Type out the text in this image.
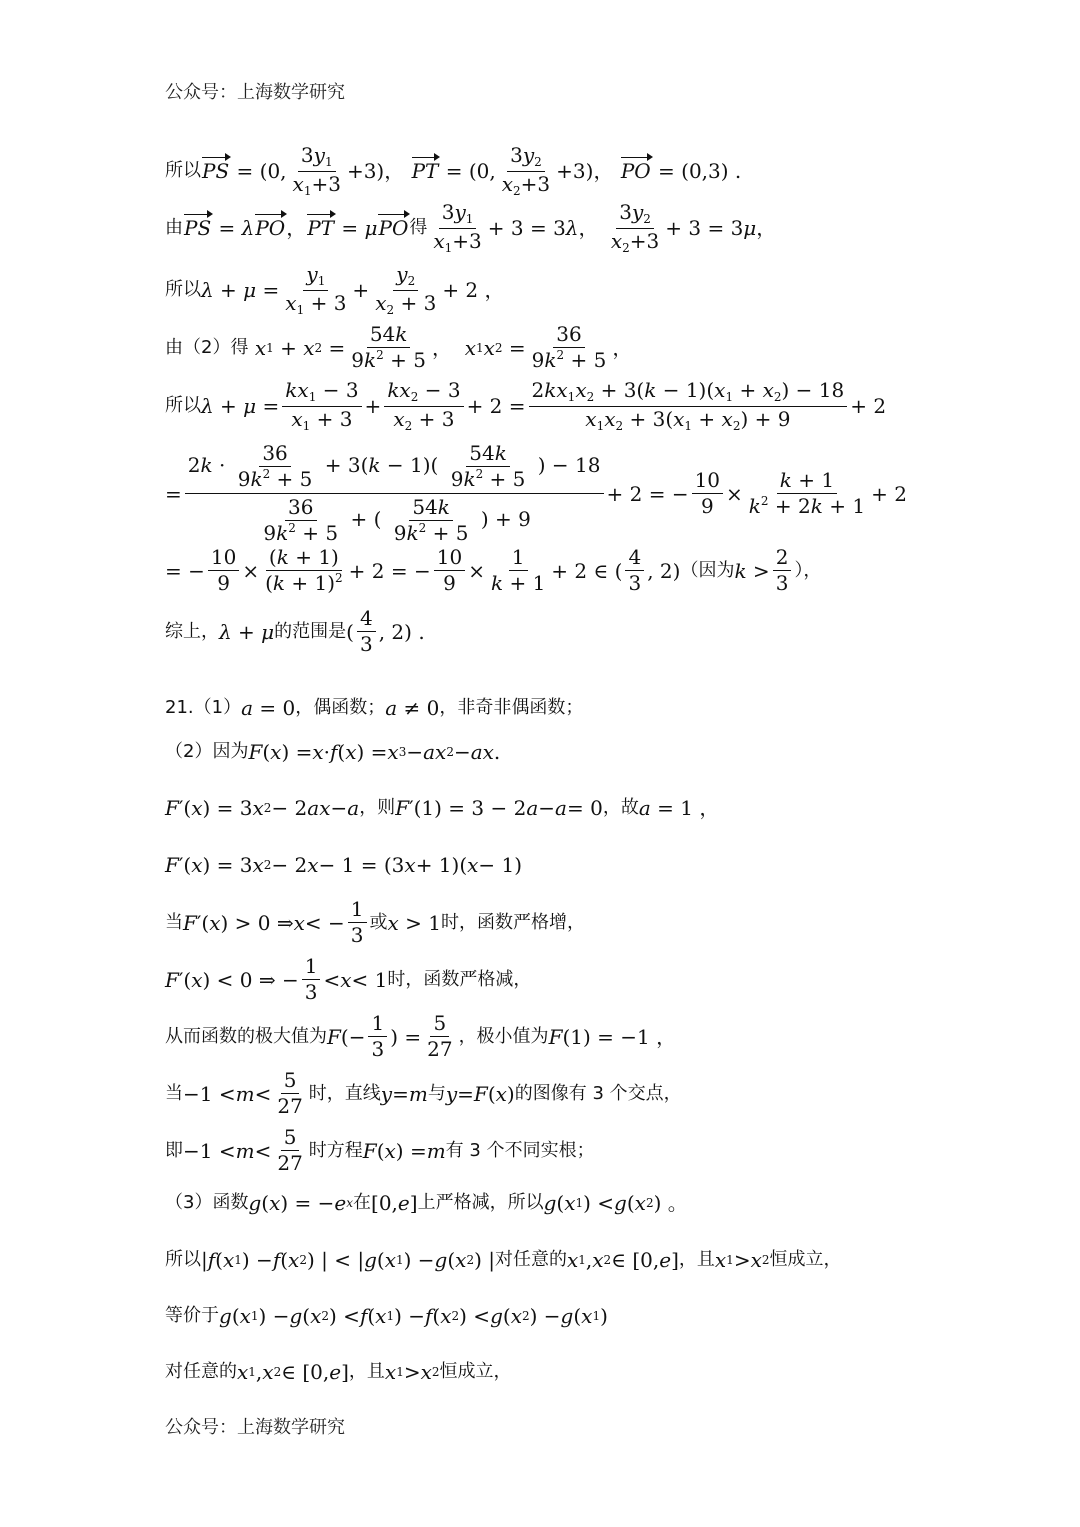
公众号：上海数学研究
所以 PS = (0, $\frac{3y_1}{x_1+3} +3$)， PT = (0, $\frac{3y_2}{x_2+3} +3$)， PO = (0,3) .
由 PS = λ PO ， PT = μ PO 得 $\frac{3y_1}{x_1+3} + 3 = 3$ λ ， $\frac{3y_2}{x_2+3} + 3 = 3$ μ ，
所以 $\lambda + \mu = \frac{y_1}{x_1 + 3} + \frac{y_2}{x_2 + 3} + 2$ ，
由（2）得
x 1 + x $2 = \frac{54k}{9k^2 + 5}$ ， x 1 x $2 = \frac{36}{9k^2 + 5}$ ，
所以 $\lambda + \mu = \frac{kx_1 - 3}{x_1 + 3} + \frac{kx_2 - 3}{x_2 + 3} + 2 = \frac{2kx_1x_2 + 3(k - 1)(x_1 + x_2) - 18}{x_1x_2 + 3(x_1 + x_2) + 9} + 2$
=
$2k \cdot \frac{36}{9k^2 + 5} + 3(k - 1)( \frac{54k}{9k^2 + 5}$ ) − 18
$\frac{36}{9k^2 + 5}$ + ( $\frac{54k}{9k^2 + 5}$ ) + 9
+ 2 = − $\frac{10}{9} \times \frac{k + 1}{k^2 + 2k + 1} + 2$
= − $\frac{10}{9} \times \frac{(k + 1)}{(k + 1)^2} + 2$ = − $\frac{10}{9} \times \frac{1}{k + 1} + 2$ ∈ ( $\frac{4}{3}$ , 2) （因为 $k > \frac{2}{3}$ ），
综上， λ + μ 的范围是 ( $\frac{4}{3}$ , 2) .
21.（1） a = 0 ，偶函数； a ≠ 0 ，非奇非偶函数；
（2）因为 F ( x ) = x · f ( x ) = x 3 − ax 2 − ax .
F ′( x ) = 3 x 2 − 2 ax − a ，则 F ′(1) = 3 − 2 a − a = 0 ，故 a = 1 ，
F ′( x ) = 3 x 2 − 2 x − 1 = (3 x + 1)( x − 1)
当 F ′( x ) > 0 ⇒ x < − $\frac{1}{3}$ 或 x > 1 时，函数严格增，
F ′( x ) < 0 ⇒ − $\frac{1}{3} < x < 1$ 时，函数严格减，
从而函数的极大值为 F (− $\frac{1}{3}$ ) = $\frac{5}{27}$ ，极小值为 F (1) = −1 ，
当 $-1 < m < \frac{5}{27}$ 时，直线 y = m 与 y = F ( x ) 的图像有 3 个交点，
即 $-1 < m < \frac{5}{27}$ 时方程 F ( x ) = m 有 3 个不同实根；
（3）函数 g ( x ) = − e x 在 [0, e ] 上严格减，所以 g ( x 1 ) < g ( x 2 ) 。
所以 | f ( x 1 ) − f ( x 2 ) | < | g ( x 1 ) − g ( x 2 ) | 对任意的 x 1 , x 2 ∈ [0, e ] ，且 x 1 > x 2 恒成立，
等价于 g ( x 1 ) − g ( x 2 ) < f ( x 1 ) − f ( x 2 ) < g ( x 2 ) − g ( x 1 )
对任意的 x 1 , x 2 ∈ [0, e ] ，且 x 1 > x 2 恒成立，
公众号：上海数学研究
